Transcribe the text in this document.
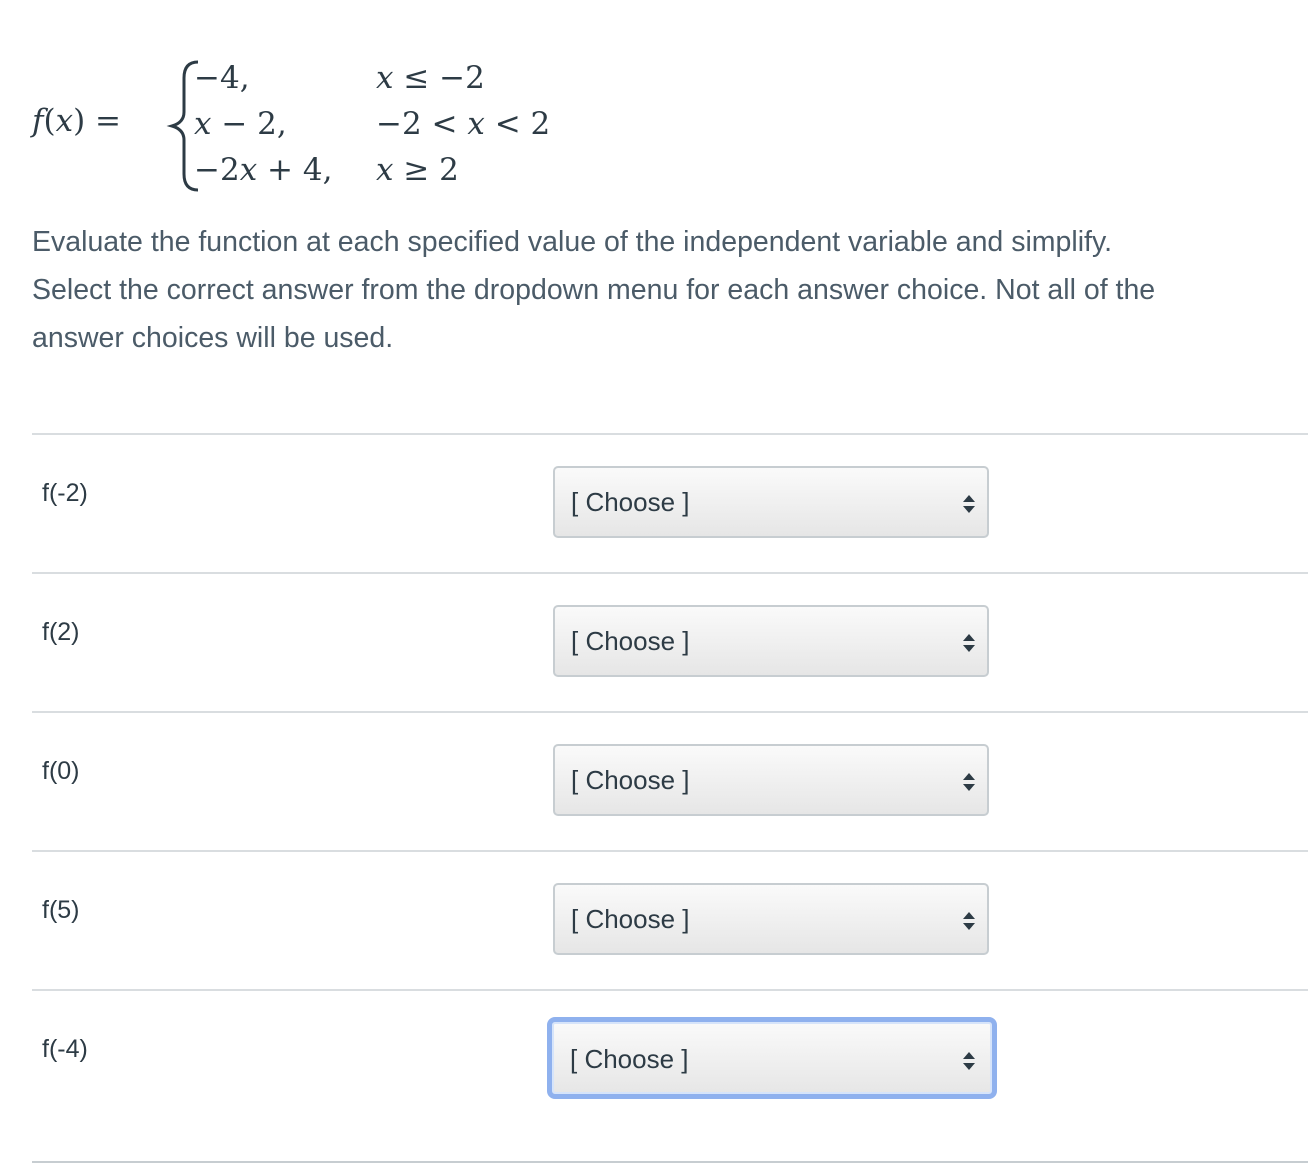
f(x) =
−4,	x ≤ −2
x − 2,	−2 < x < 2
−2x + 4, x ≥ 2

Evaluate the function at each specified value of the independent variable and simplify.

Select the correct answer from the dropdown menu for each answer choice. Not all of the

answer choices will be used.

f(-2)	[ Choose ]
f(2)	[ Choose ]
f(0)	[ Choose ]
f(5)	[ Choose ]
f(-4)	[ Choose ]
